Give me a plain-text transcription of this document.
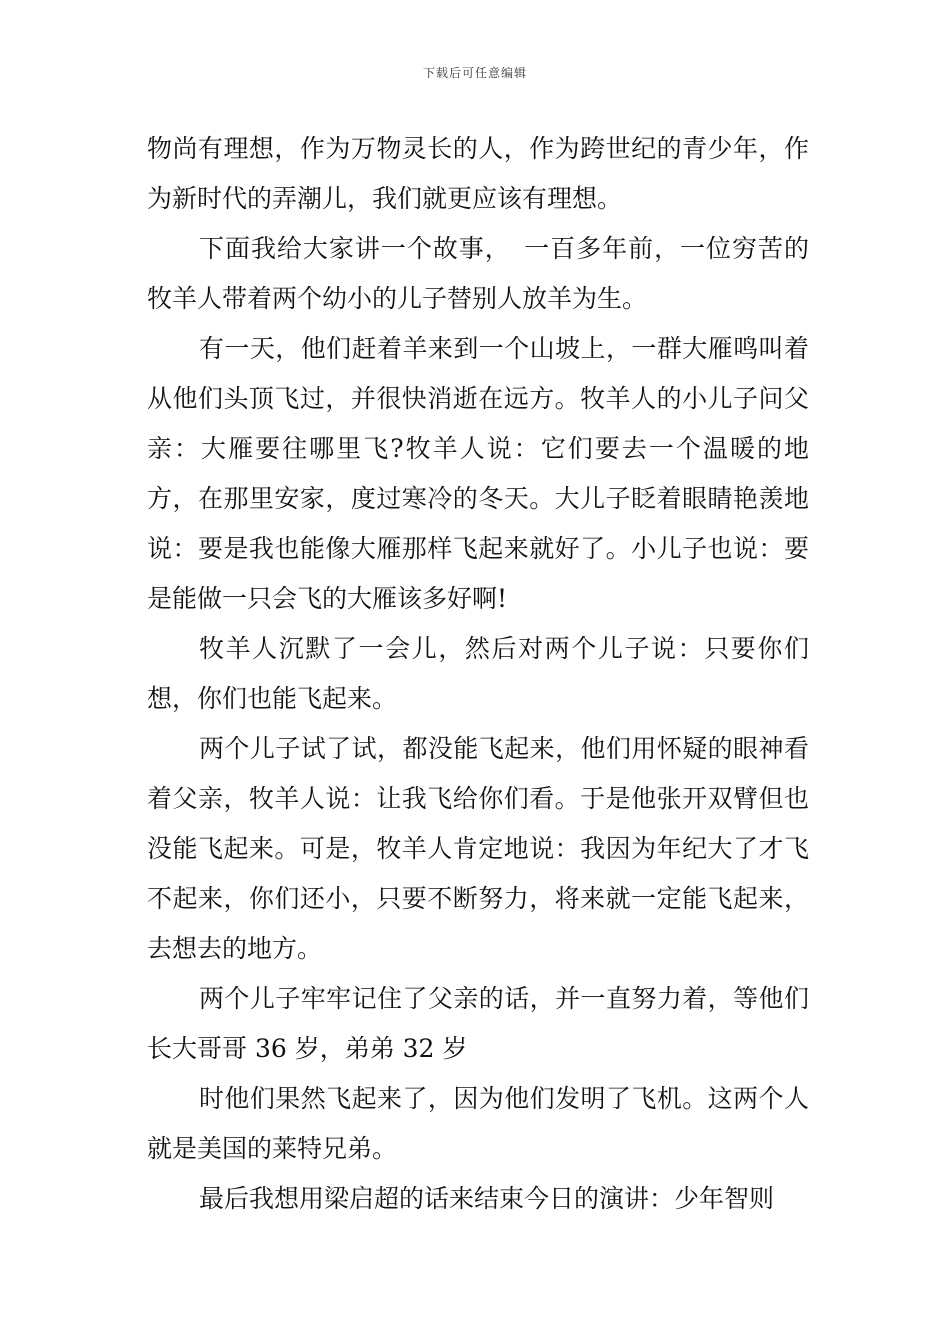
下载后可任意编辑

物尚有理想，作为万物灵长的人，作为跨世纪的青少年，作为新时代的弄潮儿，我们就更应该有理想。

下面我给大家讲一个故事，　一百多年前，一位穷苦的牧羊人带着两个幼小的儿子替别人放羊为生。

有一天，他们赶着羊来到一个山坡上，一群大雁鸣叫着从他们头顶飞过，并很快消逝在远方。牧羊人的小儿子问父亲：大雁要往哪里飞?牧羊人说：它们要去一个温暖的地方，在那里安家，度过寒冷的冬天。大儿子眨着眼睛艳羡地说：要是我也能像大雁那样飞起来就好了。小儿子也说：要是能做一只会飞的大雁该多好啊!

牧羊人沉默了一会儿，然后对两个儿子说：只要你们想，你们也能飞起来。

两个儿子试了试，都没能飞起来，他们用怀疑的眼神看着父亲，牧羊人说：让我飞给你们看。于是他张开双臂但也没能飞起来。可是，牧羊人肯定地说：我因为年纪大了才飞不起来，你们还小，只要不断努力，将来就一定能飞起来，去想去的地方。

两个儿子牢牢记住了父亲的话，并一直努力着，等他们长大哥哥 36 岁，弟弟 32 岁

时他们果然飞起来了，因为他们发明了飞机。这两个人就是美国的莱特兄弟。

最后我想用梁启超的话来结束今日的演讲：少年智则
